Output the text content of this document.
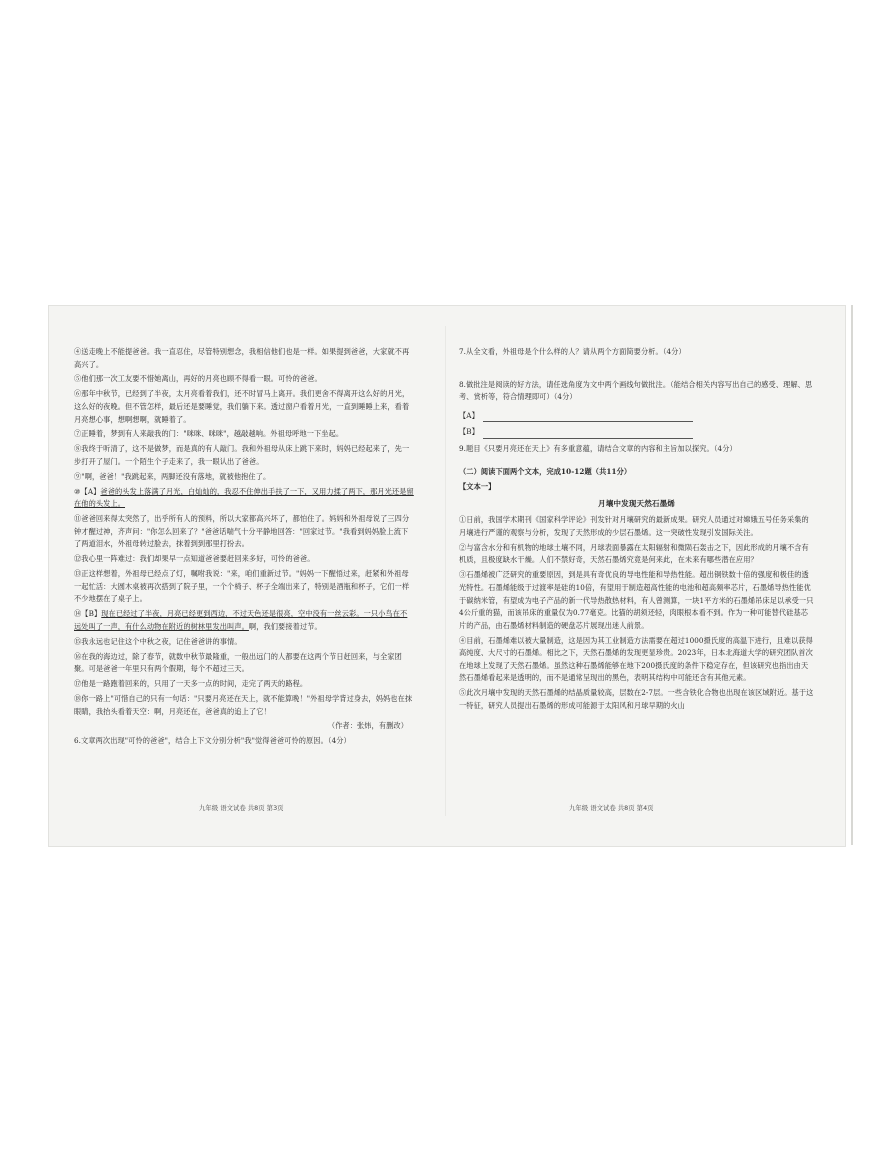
④送走晚上不能提爸爸。我一直忍住，尽管特别想念，我相信他们也是一样。如果提到爸爸，大家就不再高兴了。

⑤他们那一次工友要不惜她离山，再好的月亮也顾不得看一眼。可怜的爸爸。

⑥那年中秋节，已经到了半夜，太月亮看着我们，还不时冒马上离开。我们更舍不得离开这么好的月光，这么好的夜晚。但不管怎样，最后还是要睡觉，我们躺下来。透过窗户看着月光，一直到睡睡上来，看着月亮想心事，想啊想啊，就睡着了。

⑦正睡着，梦到有人来敲我的门："咪咪、咪咪"，越敲越响。外祖母呼地一下坐起。

⑧我终于听清了，这不是做梦，而是真的有人敲门。我和外祖母从床上跳下来时，妈妈已经起来了，先一步打开了屋门。一个陌生个子走来了，我一眼认出了爸爸。

⑨"啊，爸爸！"我跳起来，两脚还没有落地，就被他抱住了。

⑩【A】爸爸的头发上落满了月光，白灿灿的，我忍不住伸出手扶了一下，又用力揉了两下，那月光还是留在他的头发上。

⑪爸爸回来得太突然了，出乎所有人的预料，所以大家都高兴坏了，都怕住了。妈妈和外祖母说了三四分钟才醒过神，齐声问："你怎么回来了？"爸爸话喘气十分平静地回答："回家过节。"我看到妈妈脸上流下了两道泪水，外祖母转过脸去，抹着到到那里打扮去。

⑫我心里一阵难过：我们却果早一点知道爸爸要赶回来多好，可怜的爸爸。

⑬正这样想着，外祖母已经点了灯，嘱咐我说："来，咱们重新过节。"妈妈一下醒悟过来，赶紧和外祖母一起忙活：大圆木桌被再次搭到了院子里，一个个椅子、杯子全端出来了，特别是酒瓶和杯子，它们一样不少地摆在了桌子上。

⑭【B】现在已经过了半夜，月亮已经更到西边，不过天色还是很亮，空中没有一丝云彩。一只小鸟在不远处叫了一声，有什么动物在附近的树林里发出叫声。啊，我们要接着过节。

⑮我永远也记住这个中秋之夜，记住爸爸讲的事情。

⑯在我的海边过，除了春节，就数中秋节最隆重，一般出远门的人都要在这两个节日赶回来，与全家团聚。可是爸爸一年里只有两个假期，每个不超过三天。

⑰他是一路跑着回来的，只用了一天多一点的时间，走完了两天的路程。

⑱你一路上"可惜自己的只有一句话："只要月亮还在天上，就不能算晚！"外祖母学背过身去，妈妈也在抹眼睛，我抬头看着天空：啊，月亮还在，爸爸真的追上了它！

（作者：张炜，有删改）

6.文章两次出现"可怜的爸爸"，结合上下文分别分析"我"觉得爸爸可怜的原因。（4分）

7.从全文看，外祖母是个什么样的人？请从两个方面简要分析。（4分）

8.做批注是阅读的好方法，请任选角度为文中两个画线句做批注。（能结合相关内容写出自己的感受、理解、思考、赏析等，符合情理即可）（4分）

【A】
【B】

9.题目《只要月亮还在天上》有多重意蕴，请结合文章的内容和主旨加以探究。（4分）

（二）阅读下面两个文本，完成10-12题（共11分）

【文本一】

月壤中发现天然石墨烯

①日前，我国学术期刊《国家科学评论》刊发针对月壤研究的最新成果。研究人员通过对嫦娥五号任务采集的月壤进行严谨的观察与分析，发现了天然形成的少层石墨烯。这一突破性发现引发国际关注。

②与富含水分和有机物的地球土壤不同，月球表面暴露在太阳辐射和微陨石轰击之下，因此形成的月壤不含有机质，且极度缺水干燥。人们不禁好奇，天然石墨烯究竟是何来此，在未来有哪些潜在应用？

③石墨烯被广泛研究的重要原因，到是具有奇优良的导电性能和导热性能。超出铜铁数十倍的强度和极佳的透光特性。石墨烯能级于过渡率是硅的10倍，有望用于制造超高性能的电池和超高频率芯片，石墨烯导热性能优于碳纳米管，有望成为电子产品的新一代导热散热材料，有人曾测算，一块1平方米的石墨烯吊床足以承受一只4公斤重的猫，而该吊床的重量仅为0.77毫克。比猫的胡须还轻，肉眼根本看不到。作为一种可能替代硅基芯片的产品，由石墨烯材料制造的硬盘芯片展现出迷人前景。

④目前，石墨烯难以被大量制造，这是因为其工业制造方法需要在超过1000摄氏度的高温下进行，且难以获得高纯度、大尺寸的石墨烯。相比之下，天然石墨烯的发现更显珍贵。2023年，日本北海道大学的研究团队首次在地球上发现了天然石墨烯。虽然这种石墨烯能够在地下200摄氏度的条件下稳定存在，但该研究也指出由天然石墨烯看起来是透明的，而不是通常呈现出的黑色，表明其结构中可能还含有其他元素。

⑤此次月壤中发现的天然石墨烯的结晶质量较高，层数在2-7层。一些含铁化合物也出现在该区域附近。基于这一特征，研究人员提出石墨烯的形成可能源于太阳风和月球早期的火山

九年级 语文试卷 共8页 第3页	九年级 语文试卷 共8页 第4页
